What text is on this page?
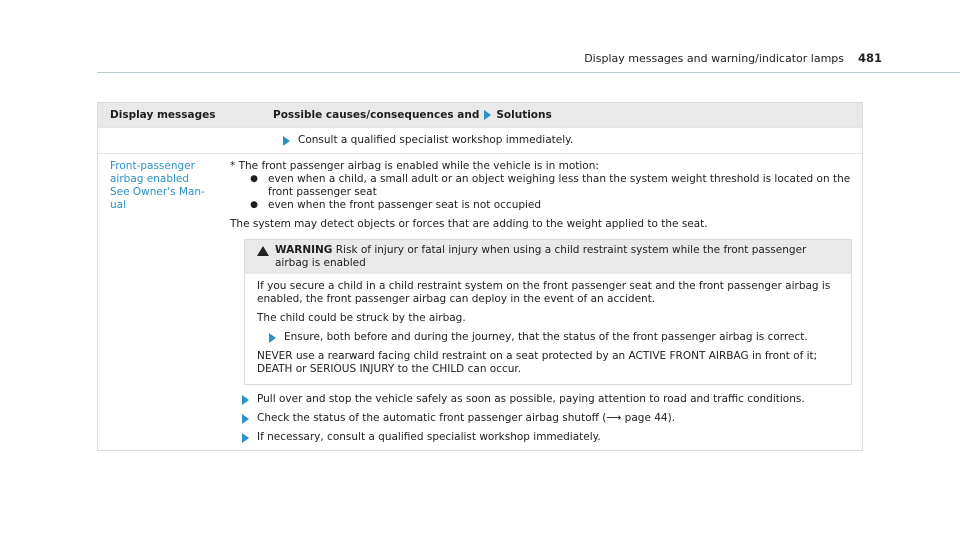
Display messages and warning/indicator lamps 481
Display messages	Possible causes/consequences and Solutions
Consult a qualified specialist workshop immediately.
Front-passenger airbag enabled See Owner's Man- ual
* The front passenger airbag is enabled while the vehicle is in motion:
● even when a child, a small adult or an object weighing less than the system weight threshold is located on the front passenger seat
● even when the front passenger seat is not occupied
The system may detect objects or forces that are adding to the weight applied to the seat.
WARNING Risk of injury or fatal injury when using a child restraint system while the front passenger airbag is enabled
If you secure a child in a child restraint system on the front passenger seat and the front passenger airbag is enabled, the front passenger airbag can deploy in the event of an accident.
The child could be struck by the airbag.
Ensure, both before and during the journey, that the status of the front passenger airbag is correct.
NEVER use a rearward facing child restraint on a seat protected by an ACTIVE FRONT AIRBAG in front of it; DEATH or SERIOUS INJURY to the CHILD can occur.
Pull over and stop the vehicle safely as soon as possible, paying attention to road and traffic conditions.
Check the status of the automatic front passenger airbag shutoff (⟶ page 44).
If necessary, consult a qualified specialist workshop immediately.
